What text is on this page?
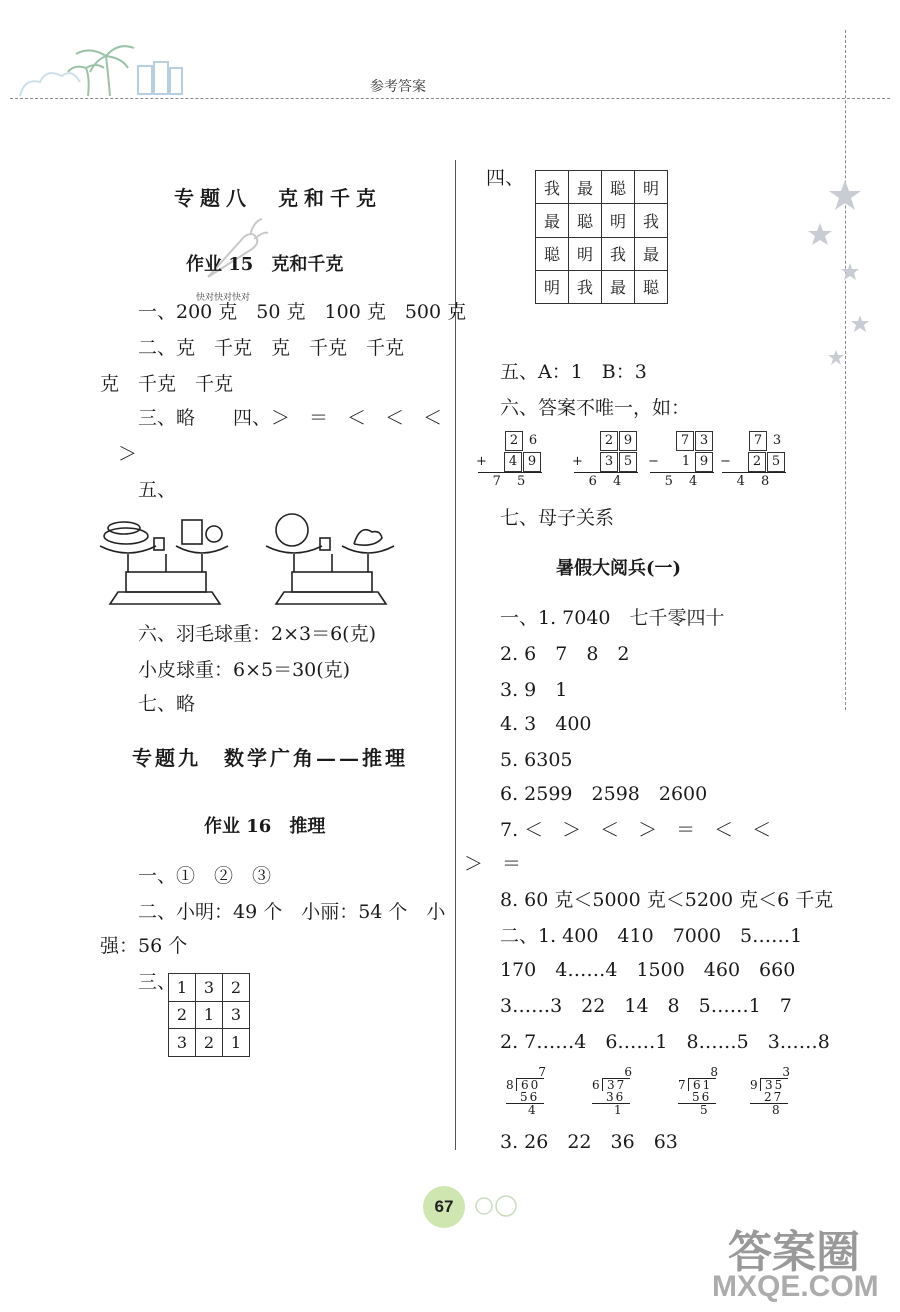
参考答案
专题八　克和千克
作业 15　克和千克
快对快对快对
一、200 克　50 克　100 克　500 克
二、克　千克　克　千克　千克
克　千克　千克
三、略　　四、＞　＝　＜　＜　＜
＞
五、
六、羽毛球重：2×3＝6(克)
小皮球重：6×5＝30(克)
七、略
专题九　数学广角——推理
作业 16　推理
一、①　②　③
二、小明：49 个　小丽：54 个　小
强：56 个
三、 1	3	2
2	1	3
3	2	1
四、 我	最	聪	明
最	聪	明	我
聪	明	我	最
明	我	最	聪
五、A：1　B：3
六、答案不唯一，如：
2 6
+ 4 9
7 5
2 9
+ 3 5
6 4
7 3
− 1 9
5 4
7 3
− 2 5
4 8
七、母子关系
暑假大阅兵(一)
一、1. 7040　七千零四十
2. 6　7　8　2
3. 9　1
4. 3　400
5. 6305
6. 2599　2598　2600
7. ＜　＞　＜　＞　＝　＜　＜
＞　＝
8. 60 克＜5000 克＜5200 克＜6 千克
二、1. 400　410　7000　5……1
170　4……4　1500　460　660
3……3　22　14　8　5……1　7
2. 7……4　6……1　8……5　3……8
7
8 60
56
4
6
6 37
36
1
8
7 61
56
5
3
9 35
27
8
3. 26　22　36　63
67
答案圈
MXQE.COM
